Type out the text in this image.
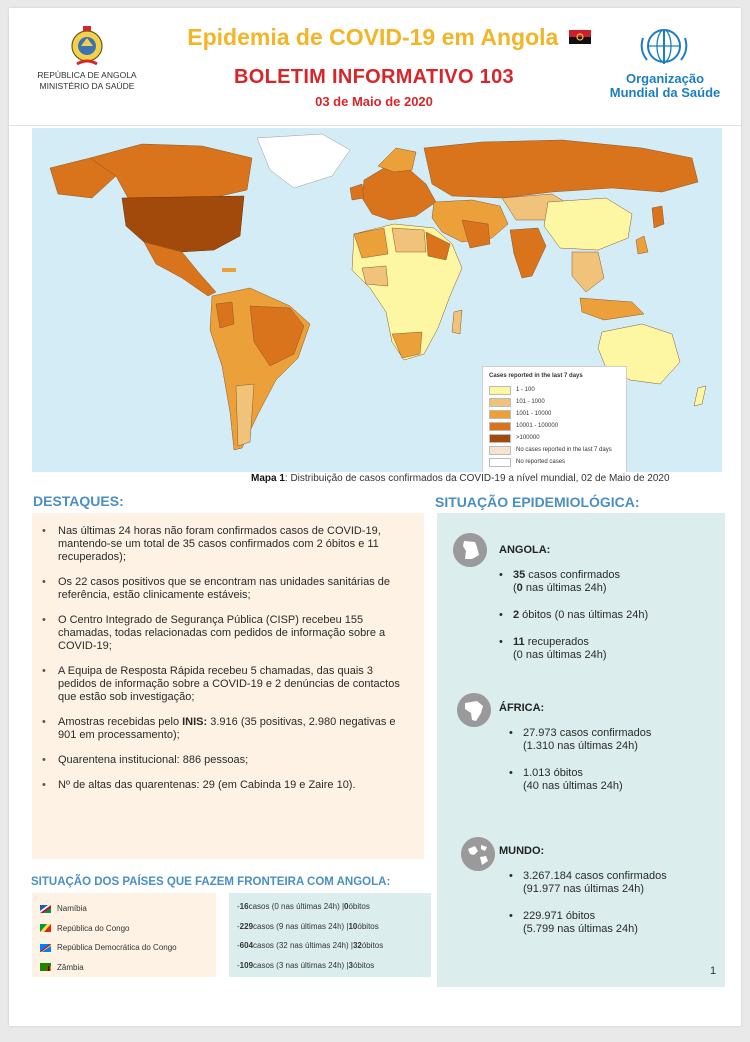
REPÚBLICA DE ANGOLA
MINISTÉRIO DA SAÚDE
Epidemia de COVID-19 em Angola
BOLETIM INFORMATIVO 103
03 de Maio de 2020
Organização
Mundial da Saúde
Cases reported in the last 7 days
1 - 100
101 - 1000
1001 - 10000
10001 - 100000
>100000
No cases reported in the last 7 days
No reported cases
Mapa 1: Distribuição de casos confirmados da COVID-19 a nível mundial, 02 de Maio de 2020
DESTAQUES:
• Nas últimas 24 horas não foram confirmados casos de COVID-19, mantendo-se um total de 35 casos confirmados com 2 óbitos e 11 recuperados);
• Os 22 casos positivos que se encontram nas unidades sanitárias de referência, estão clinicamente estáveis;
• O Centro Integrado de Segurança Pública (CISP) recebeu 155 chamadas, todas relacionadas com pedidos de informação sobre a COVID-19;
• A Equipa de Resposta Rápida recebeu 5 chamadas, das quais 3 pedidos de informação sobre a COVID-19 e 2 denúncias de contactos que estão sob investigação;
• Amostras recebidas pelo INIS: 3.916 (35 positivas, 2.980 negativas e 901 em processamento);
• Quarentena institucional: 886 pessoas;
• Nº de altas das quarentenas: 29 (em Cabinda 19 e Zaire 10).
SITUAÇÃO EPIDEMIOLÓGICA:
ANGOLA:
• 35 casos confirmados
(0 nas últimas 24h)
• 2 óbitos (0 nas últimas 24h)
• 11 recuperados
(0 nas últimas 24h)
ÁFRICA:
• 27.973 casos confirmados
(1.310 nas últimas 24h)
• 1.013 óbitos
(40 nas últimas 24h)
MUNDO:
• 3.267.184 casos confirmados
(91.977 nas últimas 24h)
• 229.971 óbitos
(5.799 nas últimas 24h)
1
SITUAÇÃO DOS PAÍSES QUE FAZEM FRONTEIRA COM ANGOLA:
Namíbia
República do Congo
República Democrática do Congo
Zâmbia
- 16 casos (0 nas últimas 24h) | 0 óbitos
- 229 casos (9 nas últimas 24h) | 10 óbitos
- 604 casos (32 nas últimas 24h) | 32 óbitos
- 109 casos (3 nas últimas 24h) | 3 óbitos
